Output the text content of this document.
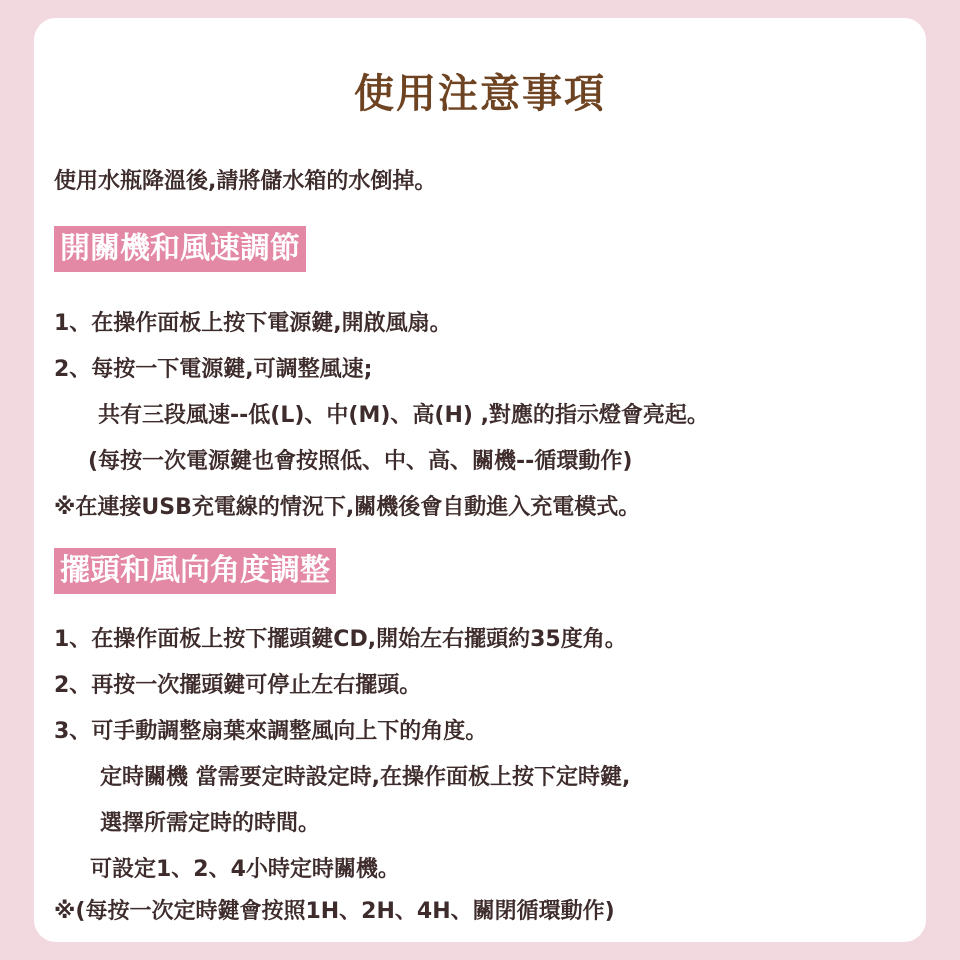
使用注意事項

使用水瓶降溫後,請將儲水箱的水倒掉。

開關機和風速調節

1、在操作面板上按下電源鍵,開啟風扇。

2、每按一下電源鍵,可調整風速;

共有三段風速--低(L)、中(M)、高(H) ,對應的指示燈會亮起。

(每按一次電源鍵也會按照低、中、高、關機--循環動作)

※在連接USB充電線的情況下,關機後會自動進入充電模式。

擺頭和風向角度調整

1、在操作面板上按下擺頭鍵CD,開始左右擺頭約35度角。

2、再按一次擺頭鍵可停止左右擺頭。

3、可手動調整扇葉來調整風向上下的角度。

定時關機 當需要定時設定時,在操作面板上按下定時鍵,

選擇所需定時的時間。

可設定1、2、4小時定時關機。

※(每按一次定時鍵會按照1H、2H、4H、關閉循環動作)
